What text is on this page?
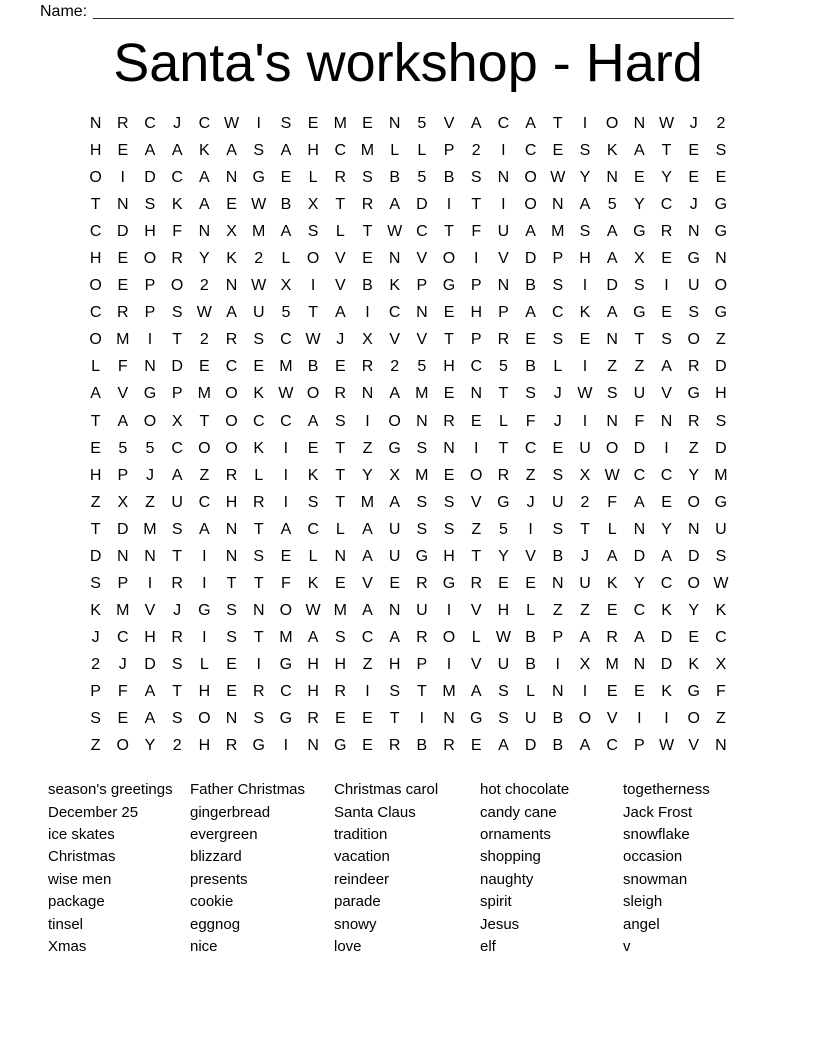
Name: ________________________________________________________________________
Santa's workshop - Hard
N R C	J	C W	I	S	E M E	N	5	V	A	C	A	T	I	O N W J	2
H	E	A	A	K	A	S	A	H C M	L	L	P	2	I	C	E	S	K	A	T	E	S
O	I	D C	A	N G E	L	R	S	B	5	B	S	N O W Y	N	E	Y	E	E
T	N	S	K	A	E W B	X	T	R	A	D	I	T	I	O N	A	5	Y	C	J	G
C D H	F	N	X M A	S	L	T W C	T	F	U	A M S	A G R N G
H	E O R	Y	K	2	L	O V	E	N	V O	I	V	D	P	H	A	X	E G N
O E	P O	2	N W X	I	V	B	K	P G P	N	B	S	I	D	S	I	U O
C R	P	S W A	U	5	T	A	I	C N	E	H	P	A	C	K	A G E	S G
O M	I	T	2	R	S	C W J	X	V	V	T	P	R	E	S	E	N	T	S O	Z
L	F	N D	E	C	E M B	E	R	2	5	H C	5	B	L	I	Z	Z	A	R D
A	V G P M O K W O R N	A M E	N	T	S	J W S	U	V G H
T	A O X	T	O C C	A	S	I	O N R	E	L	F	J	I	N	F	N R	S
E	5	5	C O O K	I	E	T	Z	G S	N	I	T	C	E	U O D	I	Z	D
H	P	J	A	Z	R	L	I	K	T	Y	X M E O R	Z	S	X W C C	Y M
Z	X	Z	U C H R	I	S	T M A	S	S	V G	J	U	2	F	A	E O G
T	D M S	A	N	T	A	C	L	A	U	S	S	Z	5	I	S	T	L	N	Y	N U
D N N	T	I	N	S	E	L	N	A	U G H	T	Y	V	B	J	A	D	A	D	S
S	P	I	R	I	T	T	F	K	E	V	E	R G R	E	E	N U	K	Y	C O W
K M V	J	G S	N O W M A	N U	I	V	H	L	Z	Z	E	C	K	Y	K
J	C H R	I	S	T M A	S	C	A	R O	L W B	P	A	R	A	D	E	C
2	J	D	S	L	E	I	G H H	Z	H	P	I	V	U	B	I	X M N D	K	X
P	F	A	T	H	E	R C H R	I	S	T M A	S	L	N	I	E	E	K G	F
S	E	A	S O N	S G R	E	E	T	I	N G S	U	B O V	I	I	O	Z
Z	O Y	2	H R G	I	N G E	R	B	R	E	A	D	B	A	C	P W V	N
season's greetings
December 25
ice skates
Christmas
wise men
package
tinsel
Xmas
Father Christmas
gingerbread
evergreen
blizzard
presents
cookie
eggnog
nice
Christmas carol
Santa Claus
tradition
vacation
reindeer
parade
snowy
love
hot chocolate
candy cane
ornaments
shopping
naughty
spirit
Jesus
elf
togetherness
Jack Frost
snowflake
occasion
snowman
sleigh
angel
v
